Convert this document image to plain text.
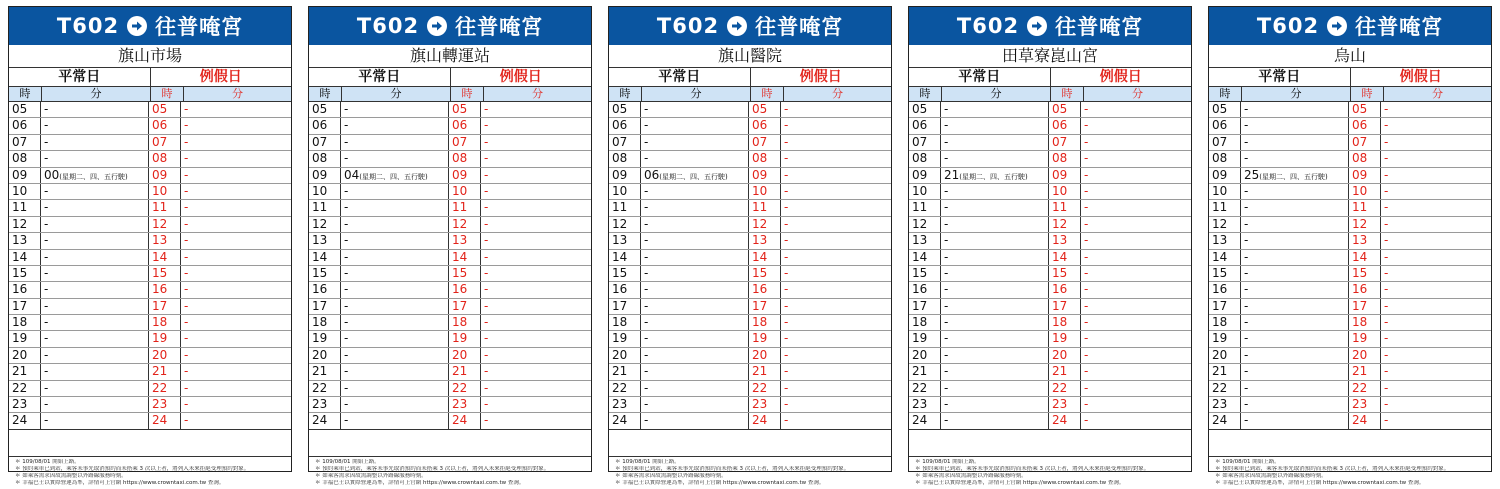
T602 往普唵宮
旗山市場
平常日	例假日
時	分	時	分
05	-	05	-
06	-	06	-
07	-	07	-
08	-	08	-
09	00(星期二、四、五行駛)	09	-
10	-	10	-
11	-	11	-
12	-	12	-
13	-	13	-
14	-	14	-
15	-	15	-
16	-	16	-
17	-	17	-
18	-	18	-
19	-	19	-
20	-	20	-
21	-	21	-
22	-	22	-
23	-	23	-
24	-	24	-
＊ 109/08/01 開始上路。
＊ 預約乘車已到站，乘客未事先取消預約而未搭乘 3 次以上者，將列入未來拒絕受理預約對象。
＊ 如乘客需求因故需調整以外路線服務時刻。
＊ 幸福巴士以實際營運為準，詳情可上官網 https://www.crowntaxi.com.tw 查詢。
T602 往普唵宮
旗山轉運站
平常日	例假日
時	分	時	分
05	-	05	-
06	-	06	-
07	-	07	-
08	-	08	-
09	04(星期二、四、五行駛)	09	-
10	-	10	-
11	-	11	-
12	-	12	-
13	-	13	-
14	-	14	-
15	-	15	-
16	-	16	-
17	-	17	-
18	-	18	-
19	-	19	-
20	-	20	-
21	-	21	-
22	-	22	-
23	-	23	-
24	-	24	-
＊ 109/08/01 開始上路。
＊ 預約乘車已到站，乘客未事先取消預約而未搭乘 3 次以上者，將列入未來拒絕受理預約對象。
＊ 如乘客需求因故需調整以外路線服務時刻。
＊ 幸福巴士以實際營運為準，詳情可上官網 https://www.crowntaxi.com.tw 查詢。
T602 往普唵宮
旗山醫院
平常日	例假日
時	分	時	分
05	-	05	-
06	-	06	-
07	-	07	-
08	-	08	-
09	06(星期二、四、五行駛)	09	-
10	-	10	-
11	-	11	-
12	-	12	-
13	-	13	-
14	-	14	-
15	-	15	-
16	-	16	-
17	-	17	-
18	-	18	-
19	-	19	-
20	-	20	-
21	-	21	-
22	-	22	-
23	-	23	-
24	-	24	-
＊ 109/08/01 開始上路。
＊ 預約乘車已到站，乘客未事先取消預約而未搭乘 3 次以上者，將列入未來拒絕受理預約對象。
＊ 如乘客需求因故需調整以外路線服務時刻。
＊ 幸福巴士以實際營運為準，詳情可上官網 https://www.crowntaxi.com.tw 查詢。
T602 往普唵宮
田草寮崑山宮
平常日	例假日
時	分	時	分
05	-	05	-
06	-	06	-
07	-	07	-
08	-	08	-
09	21(星期二、四、五行駛)	09	-
10	-	10	-
11	-	11	-
12	-	12	-
13	-	13	-
14	-	14	-
15	-	15	-
16	-	16	-
17	-	17	-
18	-	18	-
19	-	19	-
20	-	20	-
21	-	21	-
22	-	22	-
23	-	23	-
24	-	24	-
＊ 109/08/01 開始上路。
＊ 預約乘車已到站，乘客未事先取消預約而未搭乘 3 次以上者，將列入未來拒絕受理預約對象。
＊ 如乘客需求因故需調整以外路線服務時刻。
＊ 幸福巴士以實際營運為準，詳情可上官網 https://www.crowntaxi.com.tw 查詢。
T602 往普唵宮
烏山
平常日	例假日
時	分	時	分
05	-	05	-
06	-	06	-
07	-	07	-
08	-	08	-
09	25(星期二、四、五行駛)	09	-
10	-	10	-
11	-	11	-
12	-	12	-
13	-	13	-
14	-	14	-
15	-	15	-
16	-	16	-
17	-	17	-
18	-	18	-
19	-	19	-
20	-	20	-
21	-	21	-
22	-	22	-
23	-	23	-
24	-	24	-
＊ 109/08/01 開始上路。
＊ 預約乘車已到站，乘客未事先取消預約而未搭乘 3 次以上者，將列入未來拒絕受理預約對象。
＊ 如乘客需求因故需調整以外路線服務時刻。
＊ 幸福巴士以實際營運為準，詳情可上官網 https://www.crowntaxi.com.tw 查詢。
